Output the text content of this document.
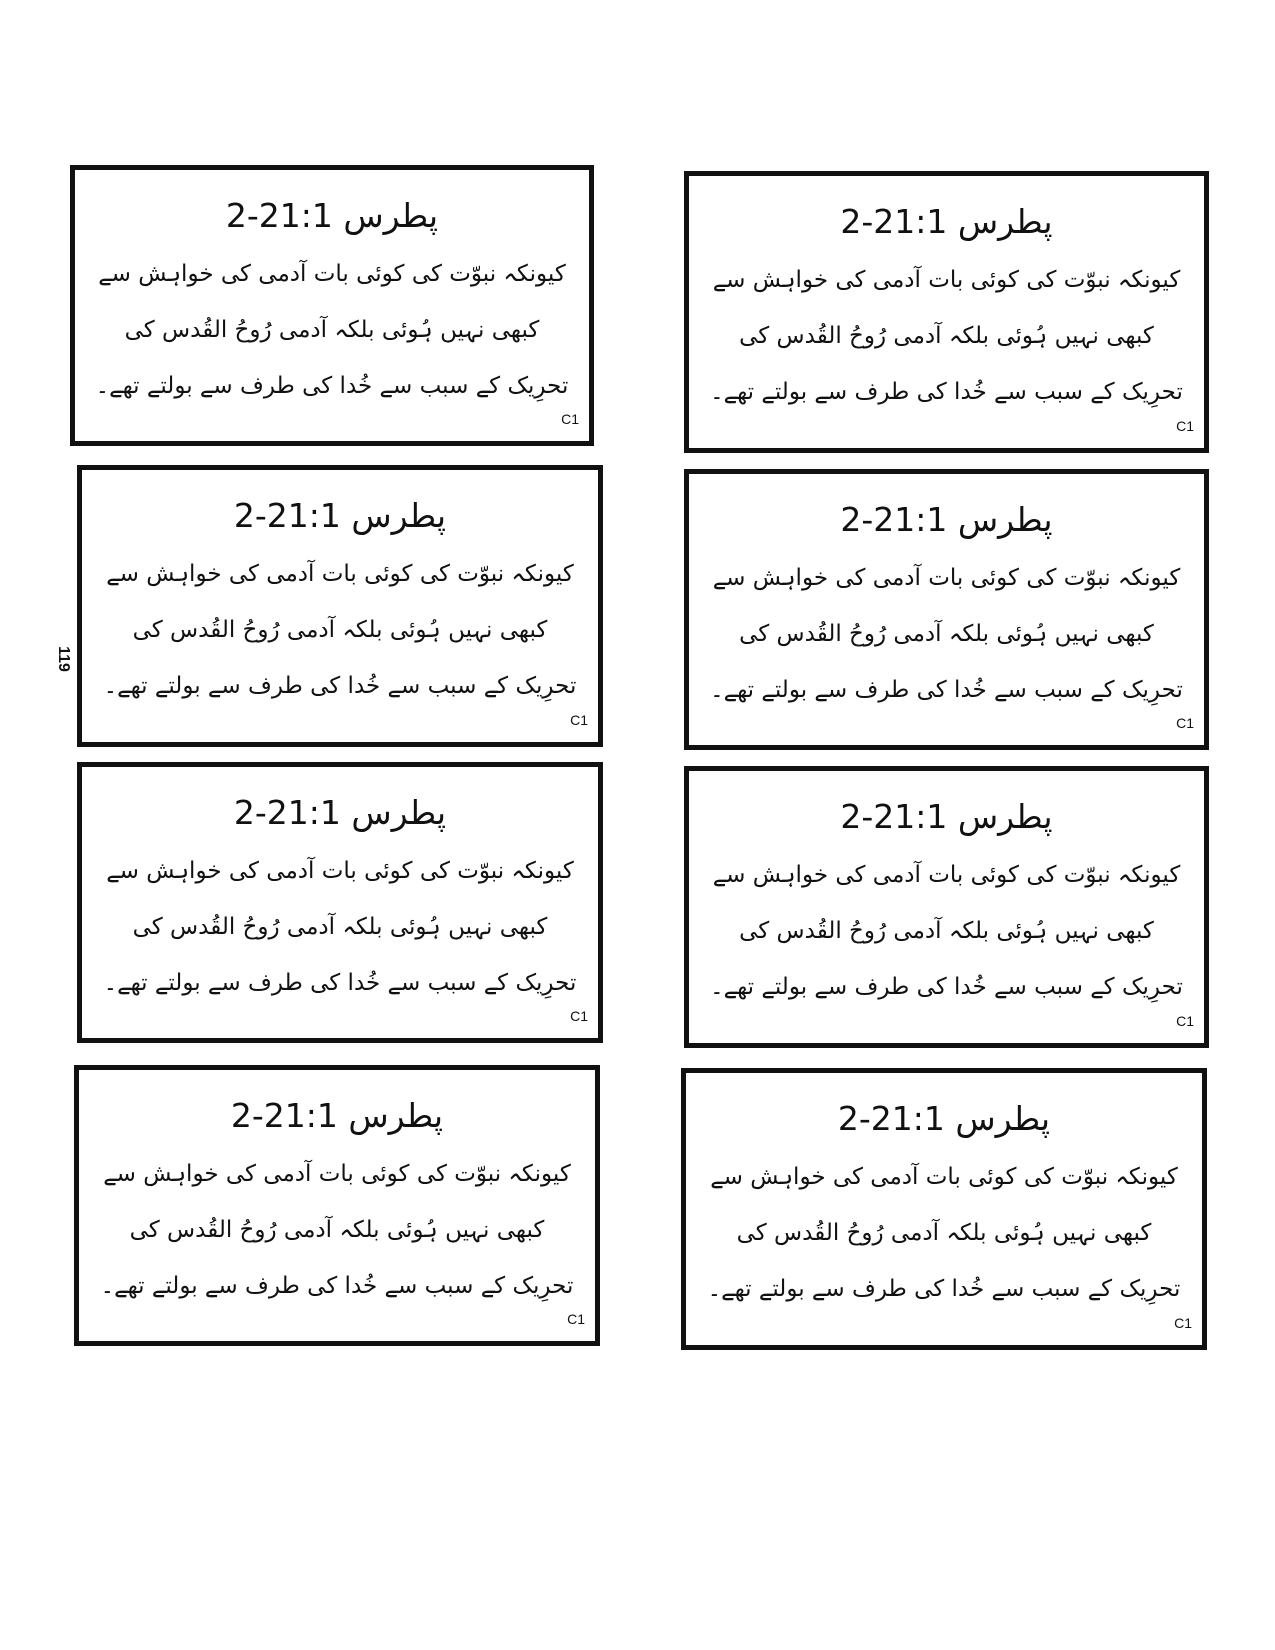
119
2-پطرس 21:1
کیونکہ نبوّت کی کوئی بات آدمی کی خواہش سے کبھی نہیں ہُوئی بلکہ آدمی رُوحُ القُدس کی تحرِیک کے سبب سے خُدا کی طرف سے بولتے تھے۔
C1
2-پطرس 21:1
کیونکہ نبوّت کی کوئی بات آدمی کی خواہش سے کبھی نہیں ہُوئی بلکہ آدمی رُوحُ القُدس کی تحرِیک کے سبب سے خُدا کی طرف سے بولتے تھے۔
C1
2-پطرس 21:1
کیونکہ نبوّت کی کوئی بات آدمی کی خواہش سے کبھی نہیں ہُوئی بلکہ آدمی رُوحُ القُدس کی تحرِیک کے سبب سے خُدا کی طرف سے بولتے تھے۔
C1
2-پطرس 21:1
کیونکہ نبوّت کی کوئی بات آدمی کی خواہش سے کبھی نہیں ہُوئی بلکہ آدمی رُوحُ القُدس کی تحرِیک کے سبب سے خُدا کی طرف سے بولتے تھے۔
C1
2-پطرس 21:1
کیونکہ نبوّت کی کوئی بات آدمی کی خواہش سے کبھی نہیں ہُوئی بلکہ آدمی رُوحُ القُدس کی تحرِیک کے سبب سے خُدا کی طرف سے بولتے تھے۔
C1
2-پطرس 21:1
کیونکہ نبوّت کی کوئی بات آدمی کی خواہش سے کبھی نہیں ہُوئی بلکہ آدمی رُوحُ القُدس کی تحرِیک کے سبب سے خُدا کی طرف سے بولتے تھے۔
C1
2-پطرس 21:1
کیونکہ نبوّت کی کوئی بات آدمی کی خواہش سے کبھی نہیں ہُوئی بلکہ آدمی رُوحُ القُدس کی تحرِیک کے سبب سے خُدا کی طرف سے بولتے تھے۔
C1
2-پطرس 21:1
کیونکہ نبوّت کی کوئی بات آدمی کی خواہش سے کبھی نہیں ہُوئی بلکہ آدمی رُوحُ القُدس کی تحرِیک کے سبب سے خُدا کی طرف سے بولتے تھے۔
C1
